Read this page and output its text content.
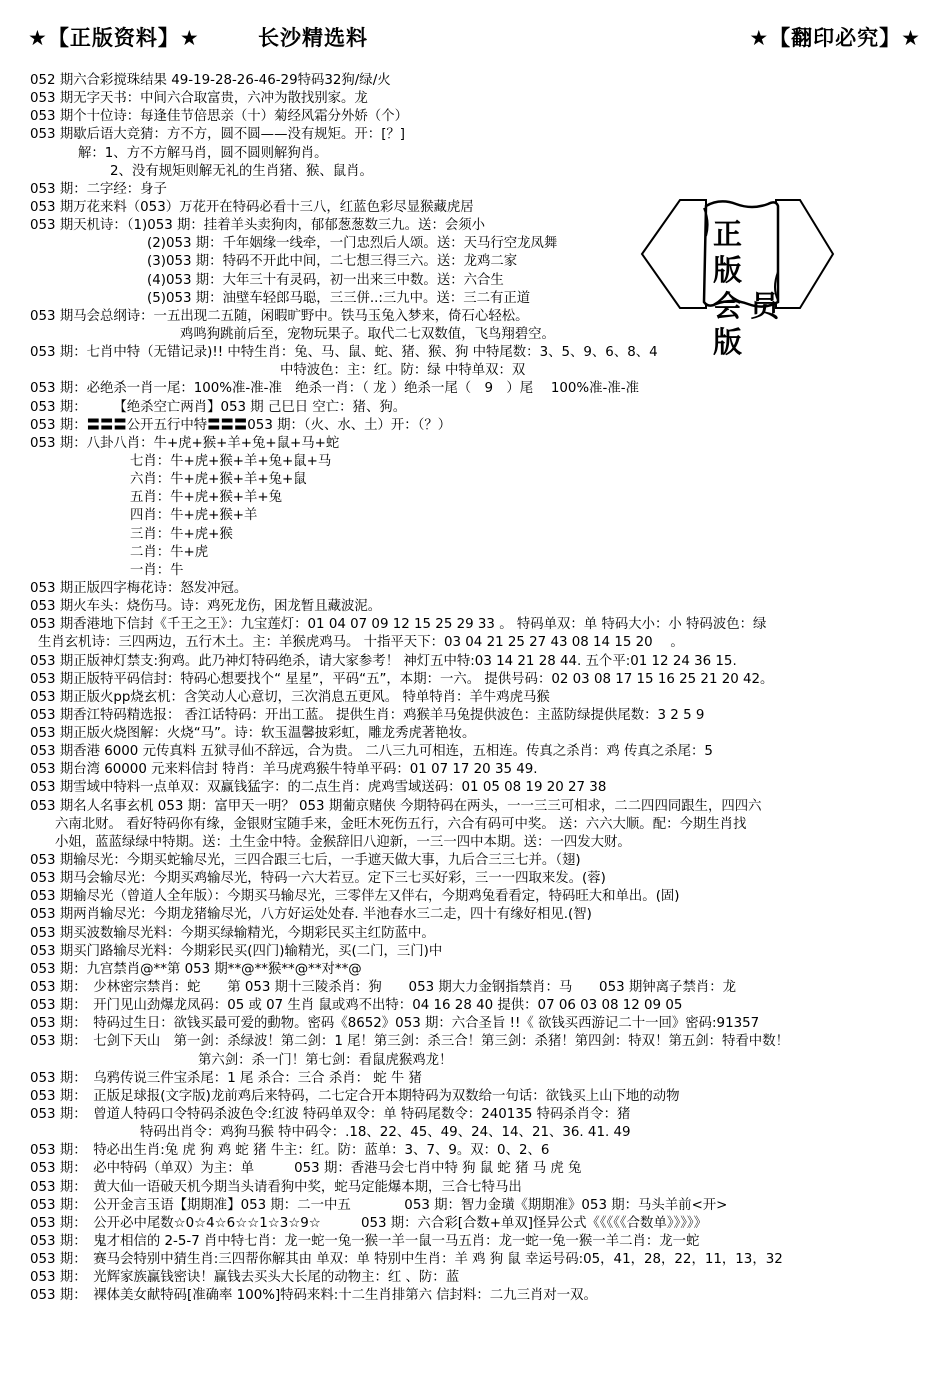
★【正版资料】★	长沙精选料	★【翻印必究】★
正 版
会员版
052 期六合彩搅珠结果 49-19-28-26-46-29特码32狗/绿/火
053 期无字天书：中间六合取富贵，六冲为散找别家。龙
053 期个十位诗：每逢佳节倍思亲（十）菊经风霜分外娇（个）
053 期歇后语大竞猜：方不方，圆不圆——没有规矩。开：[？]
解：1、方不方解马肖，圆不圆则解狗肖。
2、没有规矩则解无礼的生肖猪、猴、鼠肖。
053 期：二字经：身子
053 期万花来料（053）万花开在特码必看十三八，红蓝色彩尽显猴藏虎居
053 期天机诗：（1)053 期：挂着羊头卖狗肉，郁郁葱葱数三九。送：会须小
(2)053 期：千年姻缘一线牵，一门忠烈后人颂。送：天马行空龙凤舞
(3)053 期：特码不开此中间，二七想三得三六。送：龙鸡二家
(4)053 期：大年三十有灵码，初一出来三中数。送：六合生
(5)053 期：油壁车轻郎马聪，三三併..:三九中。送：三二有正道
053 期马会总纲诗：一五出现二五随，闲暇旷野中。铁马玉兔入梦来，倚石心轻松。
鸡鸣狗跳前后至，宠物玩果子。取代二七双数值，飞鸟翔碧空。
053 期：七肖中特（无错记录)!! 中特生肖：兔、马、鼠、蛇、猪、猴、狗 中特尾数：3、5、9、6、8、4
中特波色：主：红。防：绿 中特单双：双
053 期：必绝杀一肖一尾：100%准-准-准　绝杀一肖：（ 龙 ）绝杀一尾（　9　）尾　 100%准-准-准
053 期：　　　【绝杀空亡两肖】053 期 己巳日 空亡：猪、狗。
053 期：〓〓〓公开五行中特〓〓〓053 期：（火、水、土）开：（？）
053 期：八卦八肖：牛+虎+猴+羊+兔+鼠+马+蛇
七肖：牛+虎+猴+羊+兔+鼠+马
六肖：牛+虎+猴+羊+兔+鼠
五肖：牛+虎+猴+羊+兔
四肖：牛+虎+猴+羊
三肖：牛+虎+猴
二肖：牛+虎
一肖：牛
053 期正版四字梅花诗：怒发冲冠。
053 期火车头：烧伤马。诗：鸡死龙伤，困龙暂且藏波泥。
053 期香港地下信封《千王之王》：九宝莲灯：01 04 07 09 12 15 25 29 33 。 特码单双：单 特码大小：小 特码波色：绿
生肖玄机诗：三四两边，五行木土。主：羊猴虎鸡马。 十指平天下：03 04 21 25 27 43 08 14 15 20 　。
053 期正版神灯禁支:狗鸡。此乃神灯特码绝杀，请大家参考！ 神灯五中特:03 14 21 28 44. 五个平:01 12 24 36 15.
053 期正版特平码信封：特码心想要找个“ 星星”，平码“五”，本期：一六。 提供号码：02 03 08 17 15 16 25 21 20 42。
053 期正版火pp烧玄机：含笑动人心意切，三次消息五更风。 特单特肖：羊牛鸡虎马猴
053 期香江特码精选报： 香江话特码：开出工蓝。 提供生肖：鸡猴羊马兔提供波色：主蓝防绿提供尾数：3 2 5 9
053 期正版火烧图解：火烧“马”。诗：软玉温馨披彩虹，雕龙秀虎著艳妆。
053 期香港 6000 元传真料 五狱寻仙不辞远，合为贵。 二八三九可相连，五相连。传真之杀肖：鸡 传真之杀尾：5
053 期台湾 60000 元来料信封 特肖：羊马虎鸡猴牛特单平码：01 07 17 20 35 49.
053 期雪域中特料一点单双：双赢钱猛字：的二点生肖：虎鸡雪域送码：01 05 08 19 20 27 38
053 期名人名事玄机 053 期：富甲天一明？ 053 期葡京赌侠 今期特码在两头，一一三三可相求，二二四四同跟生，四四六
六南北财。 看好特码你有缘，金银财宝随手来，金旺木死伤五行，六合有码可中奖。 送：六六大顺。配：今期生肖找
小姐，蓝蓝绿绿中特期。送：土生金中特。金猴辞旧八迎新，一三一四中本期。送：一四发大财。
053 期输尽光：今期买蛇输尽光，三四合跟三七后，一手遮天做大事，九后合三三七并。（翅)
053 期马会输尽光：今期买鸡输尽光，特码一六大若豆。定下三七买好彩，三一一四取来发。(蓉)
053 期输尽光（曾道人全年版）：今期买马输尽光，三零伴左又伴右，今期鸡兔看看定，特码旺大和单出。(固)
053 期两肖输尽光：今期龙猪输尽光，八方好运处处春. 半池春水三二走，四十有缘好相见.(智)
053 期买波数输尽光料：今期买绿输精光，今期彩民买主红防蓝中。
053 期买门路输尽光料：今期彩民买(四门)输精光，买(二门，三门)中
053 期：九宫禁肖@**第 053 期**@**猴**@**对**@
053 期：　少林密宗禁肖：蛇　　第 053 期十三陵杀肖：狗　　053 期大力金钢指禁肖：马　　053 期钟离子禁肖：龙
053 期：　开门见山劲爆龙凤码：05 或 07 生肖 鼠或鸡不出特：04 16 28 40 提供：07 06 03 08 12 09 05
053 期：　特码过生日：欲钱买最可爱的動物。密码《8652》053 期：六合圣旨 !!《 欲钱买西游记二十一回》密码:91357
053 期：　七剑下天山　第一剑：杀绿波！第二剑：1 尾！第三剑：杀三合！第三剑：杀猪！第四剑：特双！第五剑：特看中数！
第六剑：杀一门！第七剑：看鼠虎猴鸡龙！
053 期：　乌鸦传说三件宝杀尾：1 尾 杀合：三合 杀肖： 蛇 牛 猪
053 期：　正版足球报(文字版)龙前鸡后来特码，二七定合开本期特码为双数给一句话：欲钱买上山下地的动物
053 期：　曾道人特码口令特码杀波色令:红波 特码单双令：单 特码尾数令：240135 特码杀肖令：猪
特码出肖令：鸡狗马猴 特中码令：.18、22、45、49、24、14、21、36. 41. 49
053 期：　特必出生肖:兔 虎 狗 鸡 蛇 猪 牛主：红。防：蓝单：3、7、9。双：0、2、6
053 期：　必中特码（单双）为主：单　　　053 期：香港马会七肖中特 狗 鼠 蛇 猪 马 虎 兔
053 期：　黄大仙一语破天机今期当头请看狗中奖，蛇马定能爆本期，三合七特马出
053 期：　公开金言玉语【期期准】053 期：二一中五　　　　053 期：智力金璜《期期准》053 期：马头羊前<开>
053 期：　公开必中尾数☆0☆4☆6☆☆1☆3☆9☆　　　053 期：六合彩[合数+单双]怪异公式《《《《《合数单》》》》》
053 期：　鬼才相信的 2-5-7 肖中特七肖：龙一蛇一兔一猴一羊一鼠一马五肖：龙一蛇一兔一猴一羊二肖：龙一蛇
053 期：　赛马会特别中猜生肖:三四帮你解其由 单双：单 特别中生肖：羊 鸡 狗 鼠 幸运号码:05，41，28，22，11，13，32
053 期：　光辉家族赢钱密诀！赢钱去买头大长尾的动物主：红 、防：蓝
053 期：　裸体美女献特码[准确率 100%]特码来料:十二生肖排第六 信封料：二九三肖对一双。
